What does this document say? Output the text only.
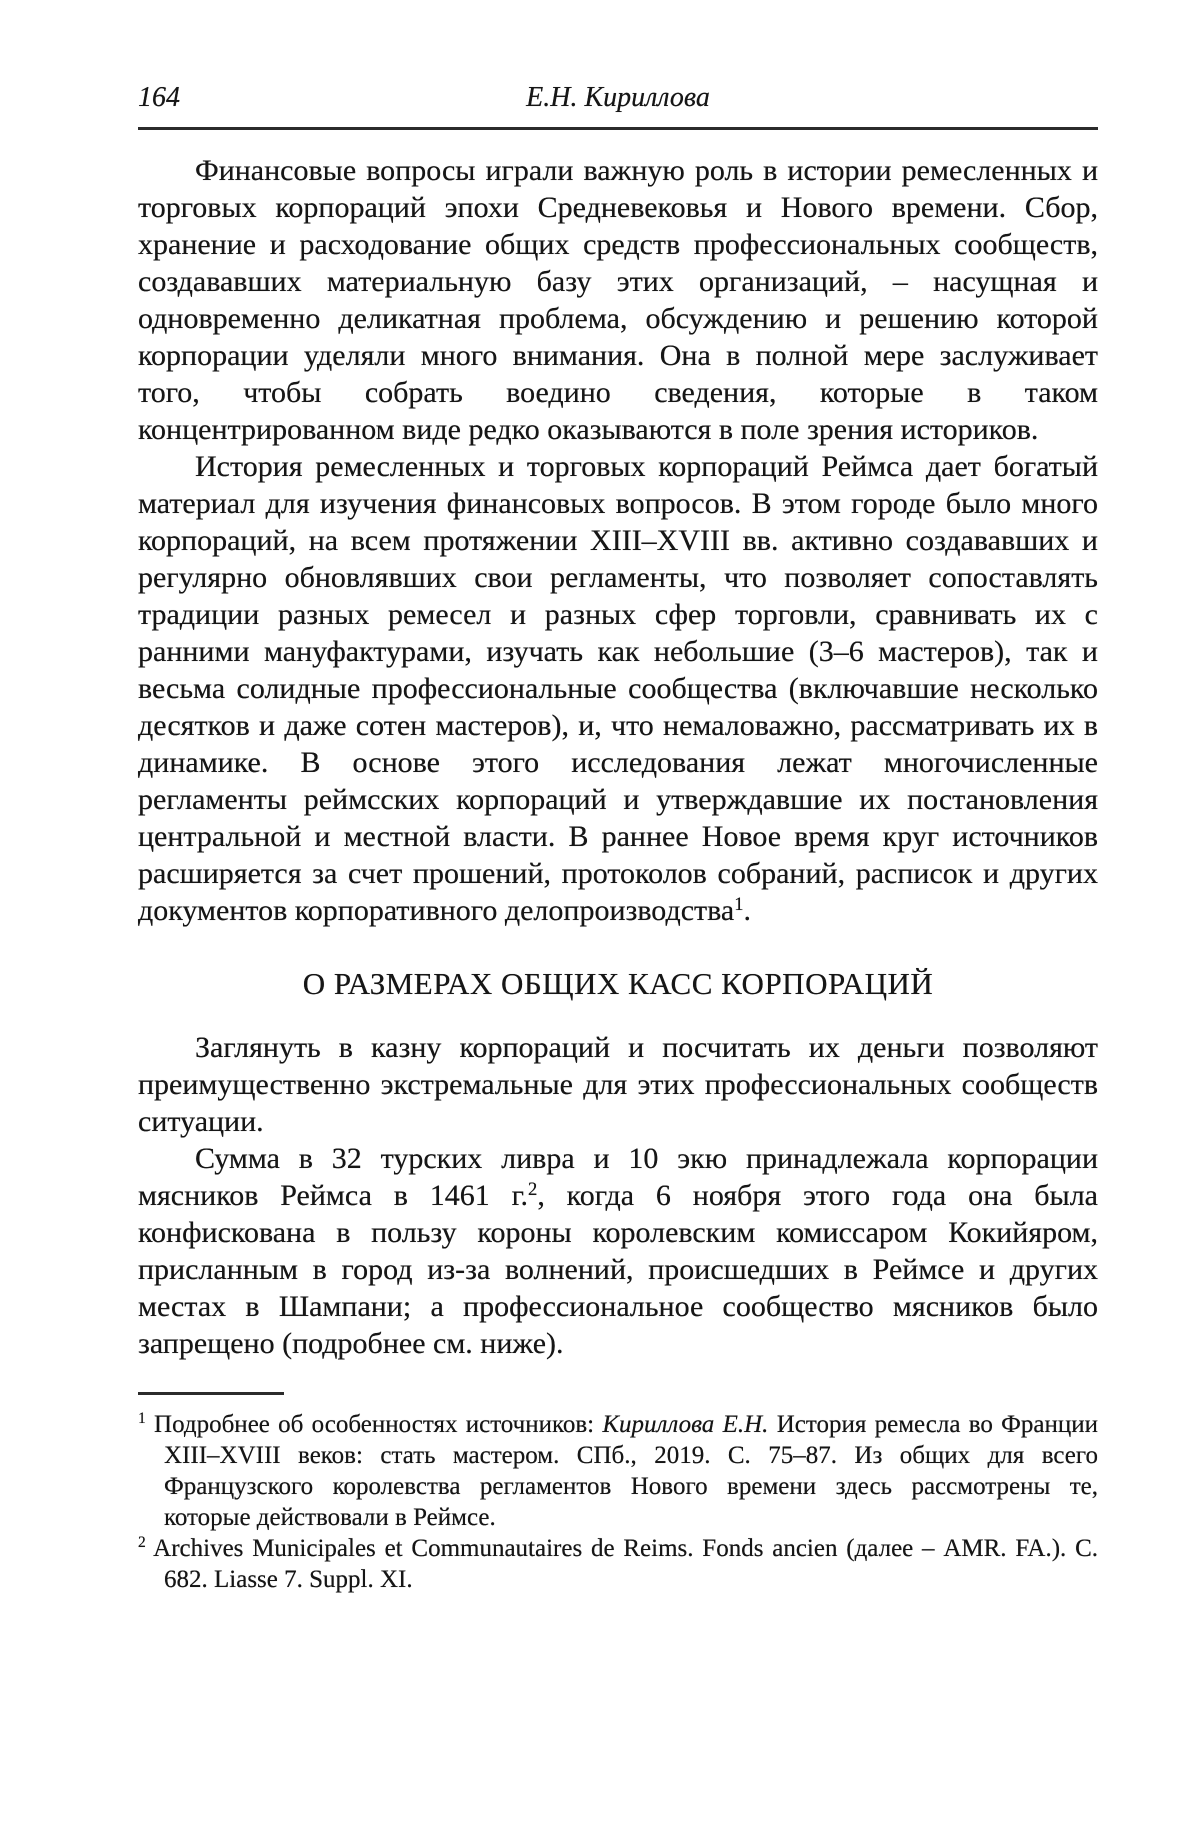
164	Е.Н. Кириллова

Финансовые вопросы играли важную роль в истории ремесленных и торговых корпораций эпохи Средневековья и Нового времени. Сбор, хранение и расходование общих средств профессиональных сообществ, создававших материальную базу этих организаций, – насущная и одновременно деликатная проблема, обсуждению и решению которой корпорации уделяли много внимания. Она в полной мере заслуживает того, чтобы собрать воедино сведения, которые в таком концентрированном виде редко оказываются в поле зрения историков.

История ремесленных и торговых корпораций Реймса дает богатый материал для изучения финансовых вопросов. В этом городе было много корпораций, на всем протяжении XIII–XVIII вв. активно создававших и регулярно обновлявших свои регламенты, что позволяет сопоставлять традиции разных ремесел и разных сфер торговли, сравнивать их с ранними мануфактурами, изучать как небольшие (3–6 мастеров), так и весьма солидные профессиональные сообщества (включавшие несколько десятков и даже сотен мастеров), и, что немаловажно, рассматривать их в динамике. В основе этого исследования лежат многочисленные регламенты реймсских корпораций и утверждавшие их постановления центральной и местной власти. В раннее Новое время круг источников расширяется за счет прошений, протоколов собраний, расписок и других документов корпоративного делопроизводства$^1$.

О РАЗМЕРАХ ОБЩИХ КАСС КОРПОРАЦИЙ

Заглянуть в казну корпораций и посчитать их деньги позволяют преимущественно экстремальные для этих профессиональных сообществ ситуации.

Сумма в 32 турских ливра и 10 экю принадлежала корпорации мясников Реймса в 1461 г.$^2$, когда 6 ноября этого года она была конфискована в пользу короны королевским комиссаром Кокийяром, присланным в город из-за волнений, происшедших в Реймсе и других местах в Шампани; а профессиональное сообщество мясников было запрещено (подробнее см. ниже).

$^1$ Подробнее об особенностях источников: Кириллова Е.Н. История ремесла во Франции XIII–XVIII веков: стать мастером. СПб., 2019. С. 75–87. Из общих для всего Французского королевства регламентов Нового времени здесь рассмотрены те, которые действовали в Реймсе.
$^2$ Archives Municipales et Communautaires de Reims. Fonds ancien (далее – AMR. FA.). С. 682. Liasse 7. Suppl. XI.
